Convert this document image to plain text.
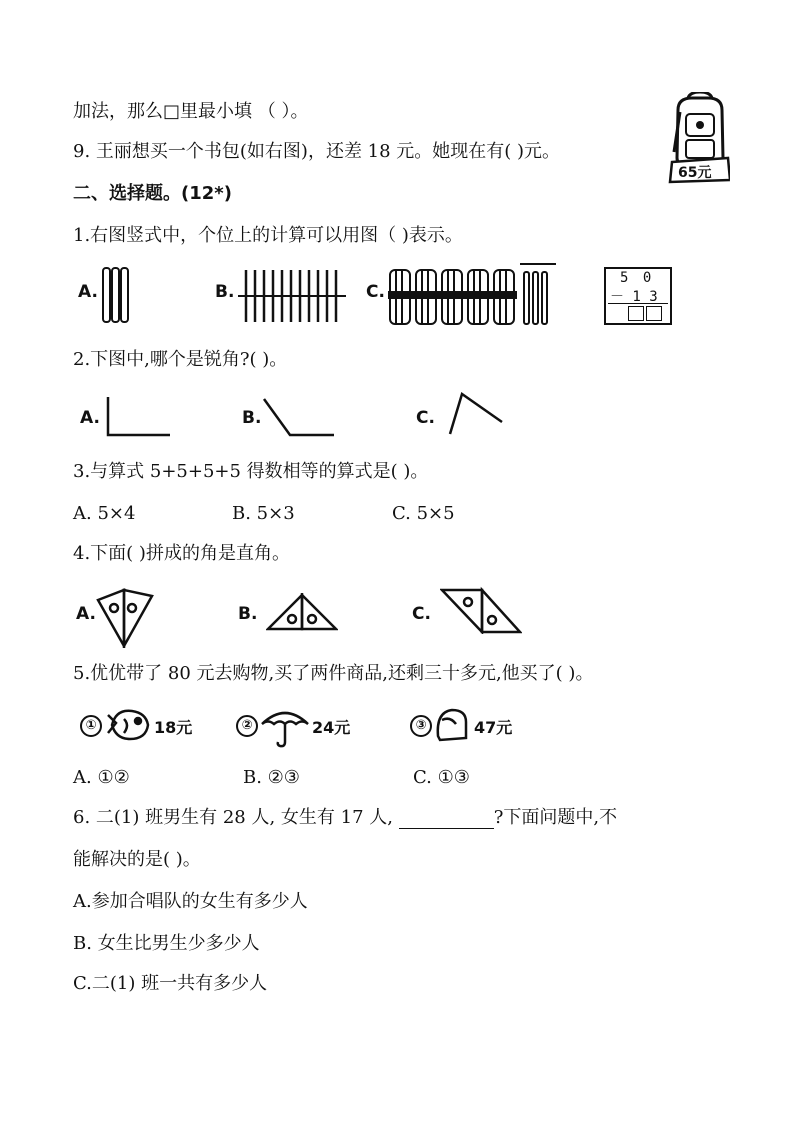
加法，那么□里最小填 （ ）。
9. 王丽想买一个书包(如右图)，还差 18 元。她现在有( )元。
二、选择题。(12*)
1.右图竖式中，个位上的计算可以用图（ )表示。
2.下图中,哪个是锐角?( )。
3.与算式 5+5+5+5 得数相等的算式是( )。
4.下面( )拼成的角是直角。
5.优优带了 80 元去购物,买了两件商品,还剩三十多元,他买了( )。
6. 二(1) 班男生有 28 人, 女生有 17 人,	?下面问题中,不
能解决的是( )。
A.参加合唱队的女生有多少人
B. 女生比男生少多少人
C.二(1) 班一共有多少人
65元
A.	B.	C.
5 0
－ 1 3
A.	B.	C.
A. 5×4	B. 5×3	C. 5×5
A.	B.	C.
①	18元	②	24元	③	47元
A. ①②	B. ②③	C. ①③
